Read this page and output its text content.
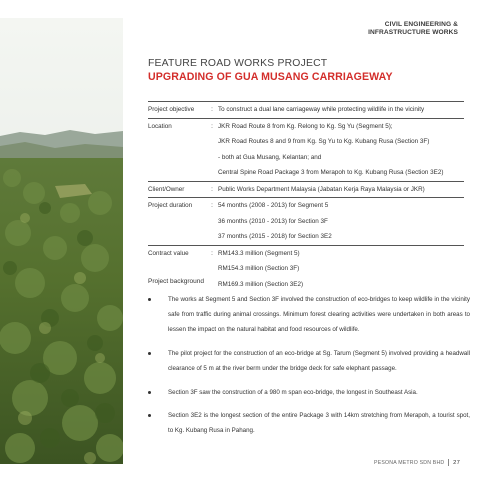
CIVIL ENGINEERING &
INFRASTRUCTURE WORKS
FEATURE ROAD WORKS PROJECT
UPGRADING OF GUA MUSANG CARRIAGEWAY
Project objective	: To construct a dual lane carriageway while protecting wildlife in the vicinity
Location	: JKR Road Route 8 from Kg. Relong to Kg. Sg Yu (Segment 5);
JKR Road Routes 8 and 9 from Kg. Sg Yu to Kg. Kubang Rusa (Section 3F)
- both at Gua Musang, Kelantan; and
Central Spine Road Package 3 from Merapoh to Kg. Kubang Rusa (Section 3E2)
Client/Owner	: Public Works Department Malaysia (Jabatan Kerja Raya Malaysia or JKR)
Project duration	: 54 months (2008 - 2013) for Segment 5
36 months (2010 - 2013) for Section 3F
37 months (2015 - 2018) for Section 3E2
Contract value	: RM143.3 million (Segment 5)
RM154.3 million (Section 3F)
RM169.3 million (Section 3E2)
Project background
The works at Segment 5 and Section 3F involved the construction of eco-bridges to keep wildlife in the vicinity safe from traffic during animal crossings. Minimum forest clearing activities were undertaken in both areas to lessen the impact on the natural habitat and food resources of wildlife.
The pilot project for the construction of an eco-bridge at Sg. Tarum (Segment 5) involved providing a headwall clearance of 5 m at the river berm under the bridge deck for safe elephant passage.
Section 3F saw the construction of a 980 m span eco-bridge, the longest in Southeast Asia.
Section 3E2 is the longest section of the entire Package 3 with 14km stretching from Merapoh, a tourist spot, to Kg. Kubang Rusa in Pahang.
PESONA METRO SDN BHD 27
